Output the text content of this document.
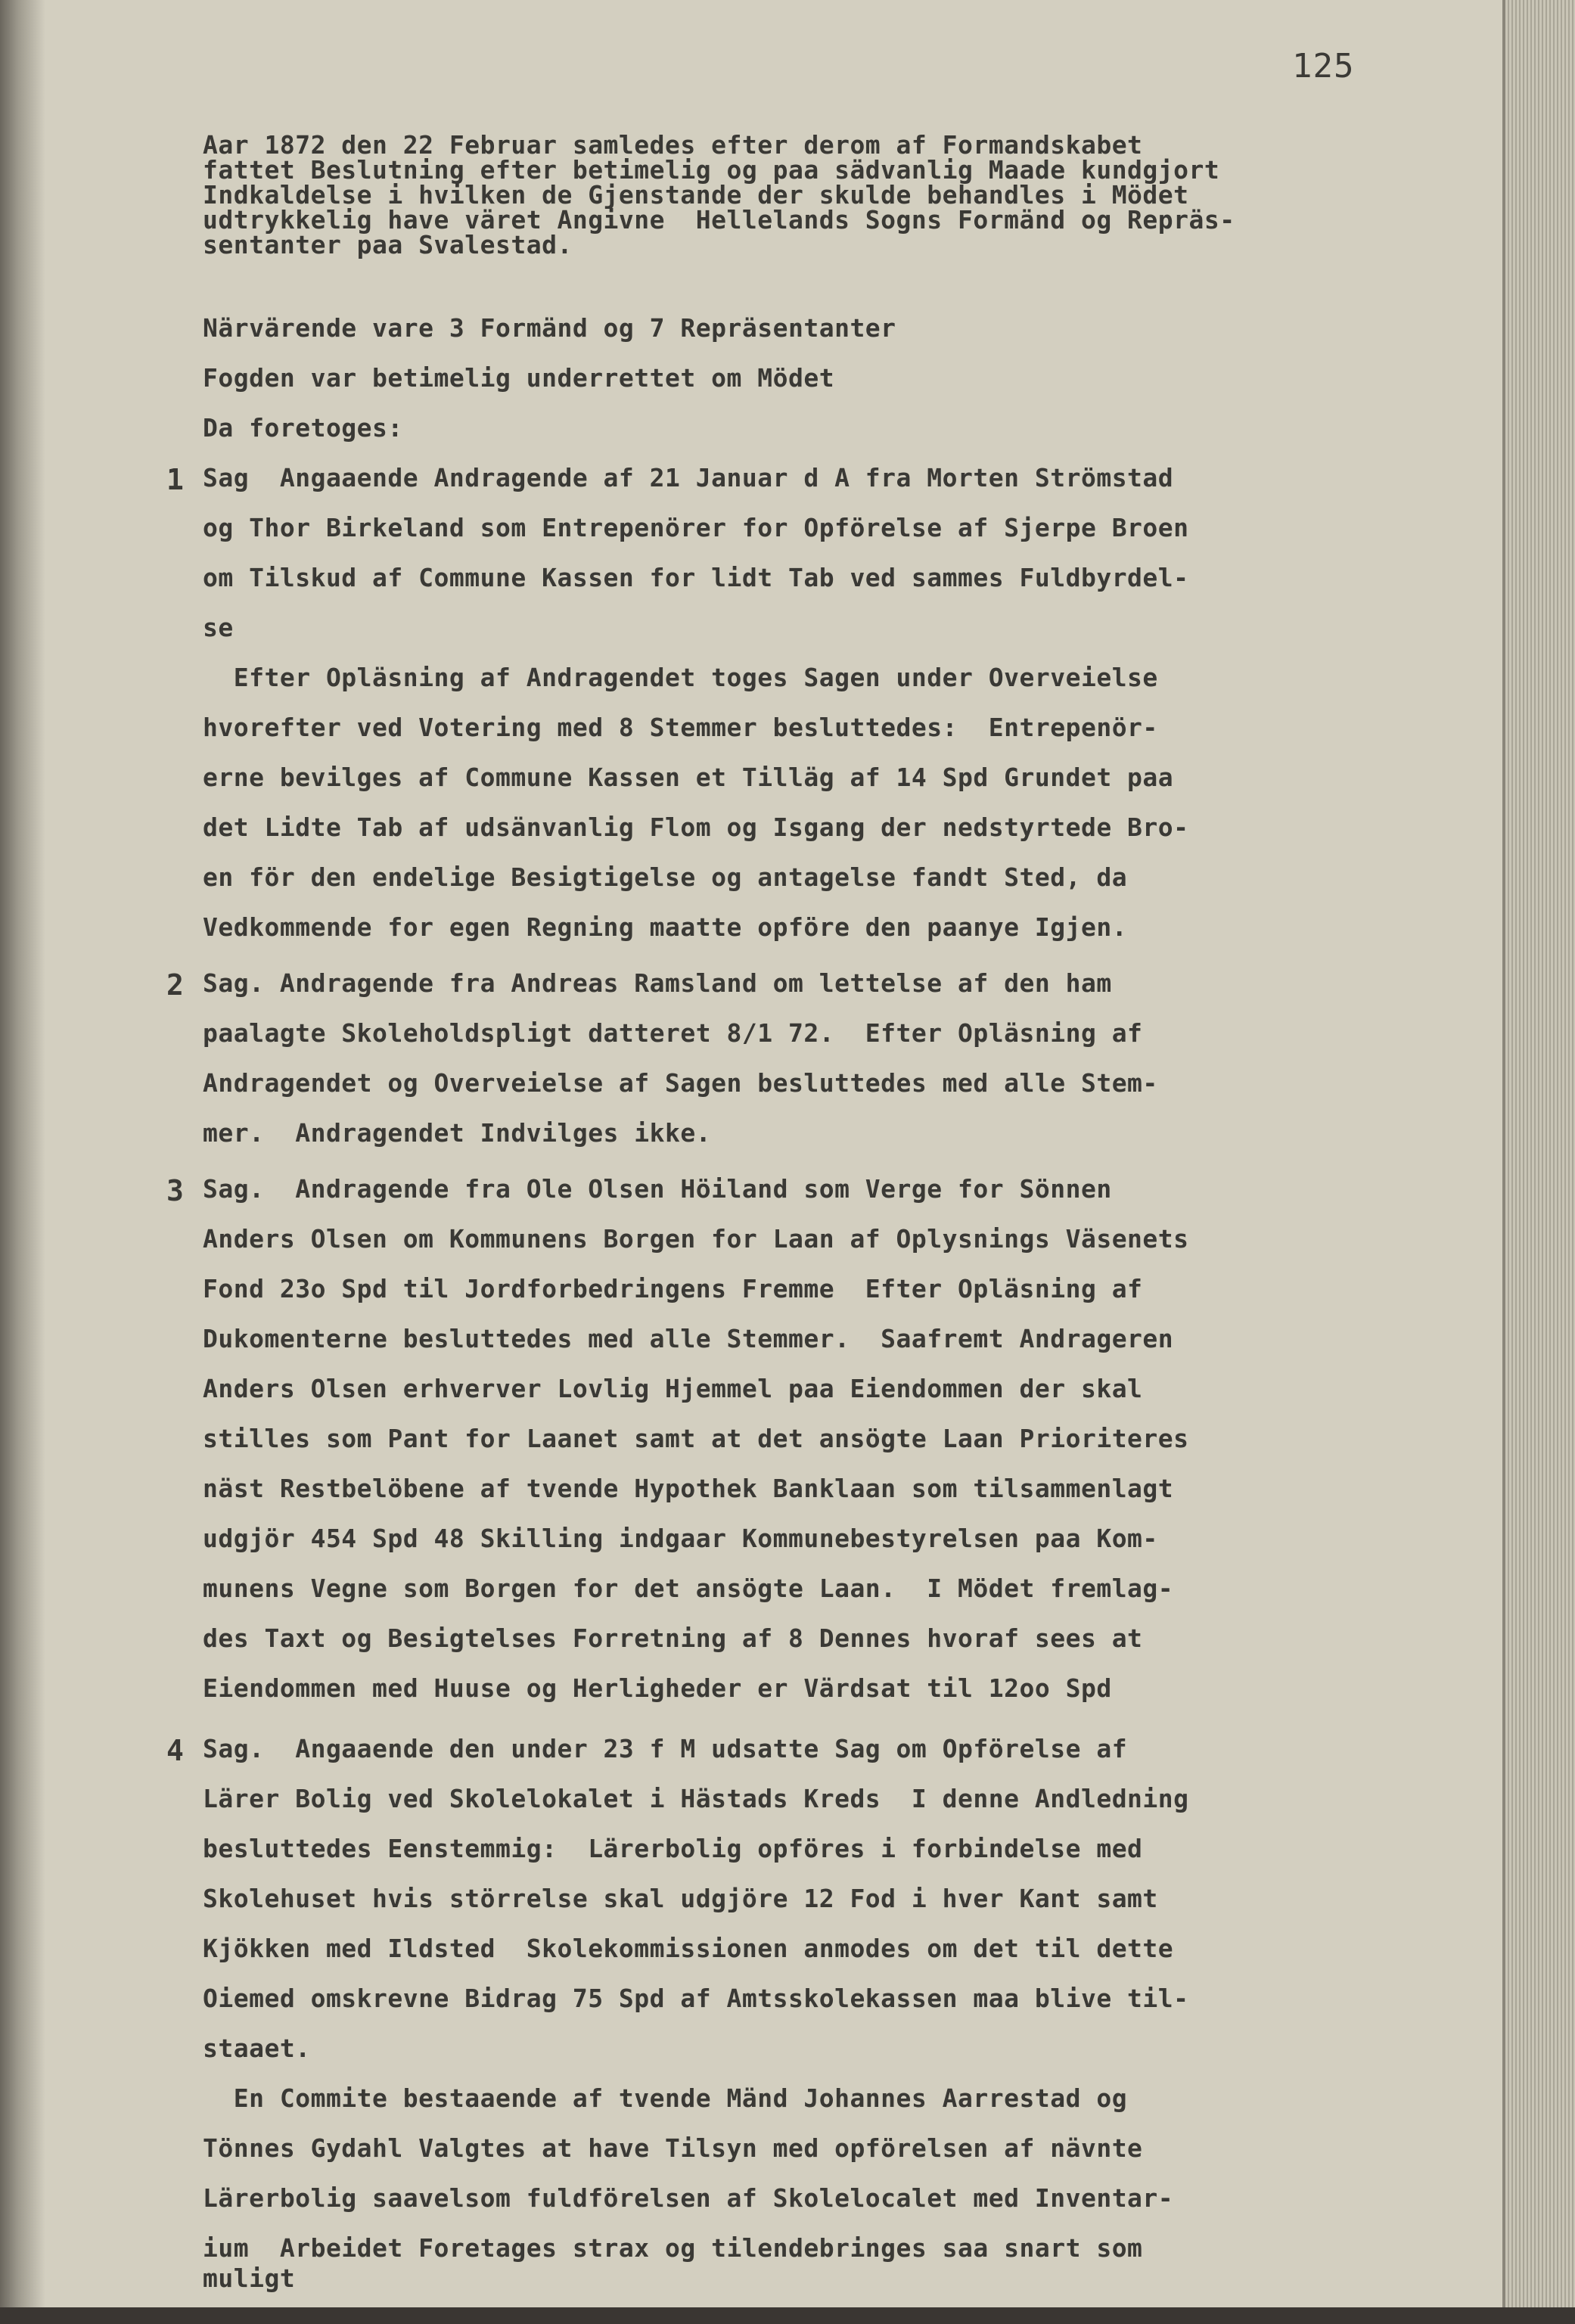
125
Aar 1872 den 22 Februar samledes efter derom af Formandskabet
fattet Beslutning efter betimelig og paa sädvanlig Maade kundgjort
Indkaldelse i hvilken de Gjenstande der skulde behandles i Mödet
udtrykkelig have väret Angivne  Hellelands Sogns Formänd og Repräs-
sentanter paa Svalestad.
Närvärende vare 3 Formänd og 7 Repräsentanter
Fogden var betimelig underrettet om Mödet
Da foretoges:
1 Sag  Angaaende Andragende af 21 Januar d A fra Morten Strömstad
og Thor Birkeland som Entrepenörer for Opförelse af Sjerpe Broen
om Tilskud af Commune Kassen for lidt Tab ved sammes Fuldbyrdel-
se
Efter Opläsning af Andragendet toges Sagen under Overveielse
hvorefter ved Votering med 8 Stemmer besluttedes:  Entrepenör-
erne bevilges af Commune Kassen et Tilläg af 14 Spd Grundet paa
det Lidte Tab af udsänvanlig Flom og Isgang der nedstyrtede Bro-
en för den endelige Besigtigelse og antagelse fandt Sted, da
Vedkommende for egen Regning maatte opföre den paanye Igjen.
2 Sag. Andragende fra Andreas Ramsland om lettelse af den ham
paalagte Skoleholdspligt datteret 8/1 72.  Efter Opläsning af
Andragendet og Overveielse af Sagen besluttedes med alle Stem-
mer.  Andragendet Indvilges ikke.
3 Sag.  Andragende fra Ole Olsen Höiland som Verge for Sönnen
Anders Olsen om Kommunens Borgen for Laan af Oplysnings Väsenets
Fond 23o Spd til Jordforbedringens Fremme  Efter Opläsning af
Dukomenterne besluttedes med alle Stemmer.  Saafremt Andrageren
Anders Olsen erhverver Lovlig Hjemmel paa Eiendommen der skal
stilles som Pant for Laanet samt at det ansögte Laan Prioriteres
näst Restbelöbene af tvende Hypothek Banklaan som tilsammenlagt
udgjör 454 Spd 48 Skilling indgaar Kommunebestyrelsen paa Kom-
munens Vegne som Borgen for det ansögte Laan.  I Mödet fremlag-
des Taxt og Besigtelses Forretning af 8 Dennes hvoraf sees at
Eiendommen med Huuse og Herligheder er Värdsat til 12oo Spd
4 Sag.  Angaaende den under 23 f M udsatte Sag om Opförelse af
Lärer Bolig ved Skolelokalet i Hästads Kreds  I denne Andledning
besluttedes Eenstemmig:  Lärerbolig opföres i forbindelse med
Skolehuset hvis störrelse skal udgjöre 12 Fod i hver Kant samt
Kjökken med Ildsted  Skolekommissionen anmodes om det til dette
Oiemed omskrevne Bidrag 75 Spd af Amtsskolekassen maa blive til-
staaet.
En Commite bestaaende af tvende Mänd Johannes Aarrestad og
Tönnes Gydahl Valgtes at have Tilsyn med opförelsen af nävnte
Lärerbolig saavelsom fuldförelsen af Skolelocalet med Inventar-
ium  Arbeidet Foretages strax og tilendebringes saa snart som
muligt
